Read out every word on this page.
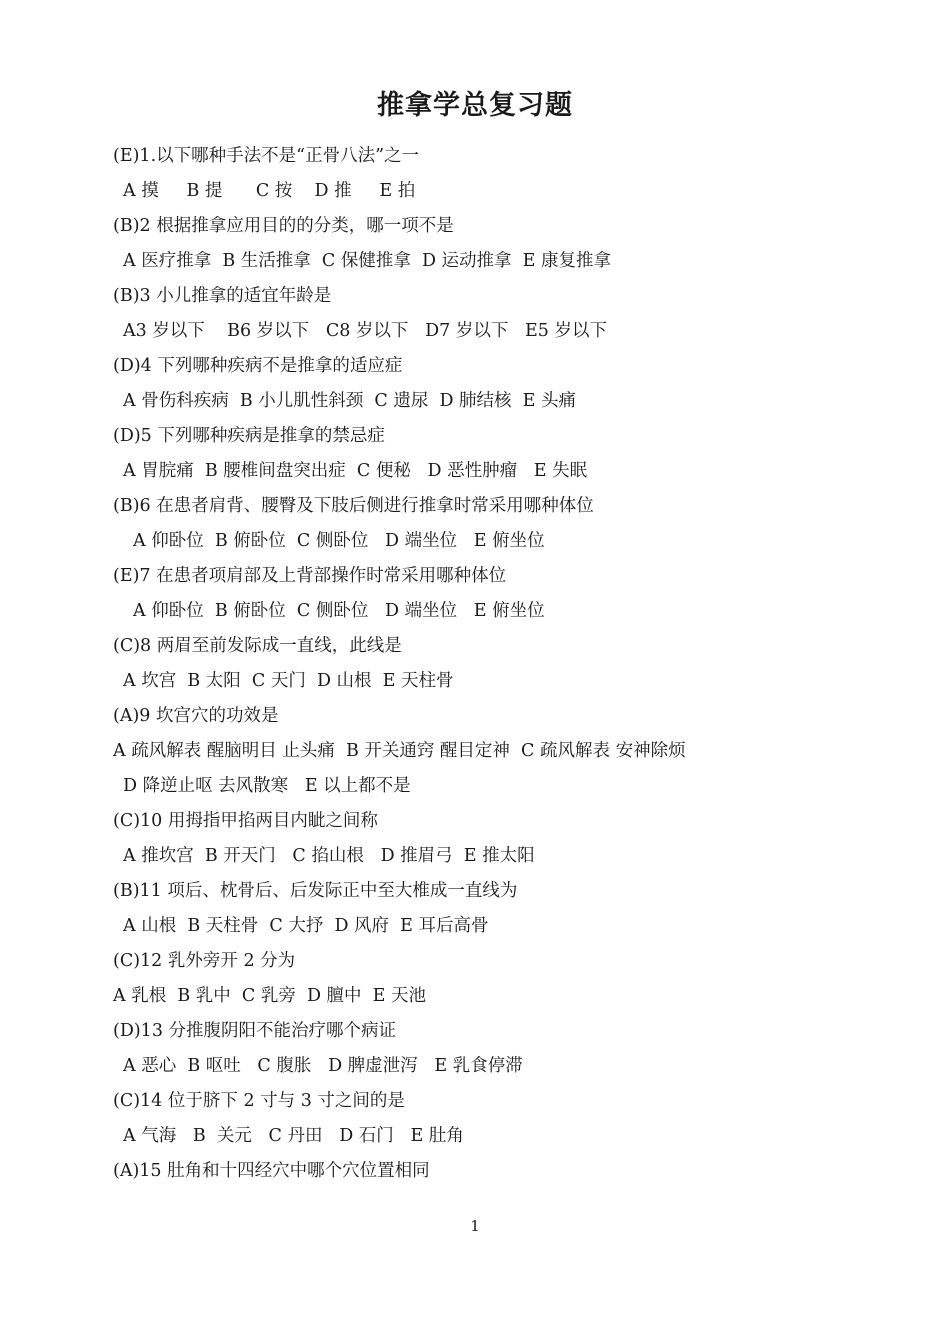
推拿学总复习题
(E)1.以下哪种手法不是“正骨八法”之一
A 摸     B 提      C 按    D 推     E 拍
(B)2 根据推拿应用目的的分类，哪一项不是
A 医疗推拿  B 生活推拿  C 保健推拿  D 运动推拿  E 康复推拿
(B)3 小儿推拿的适宜年龄是
A3 岁以下    B6 岁以下   C8 岁以下   D7 岁以下   E5 岁以下
(D)4 下列哪种疾病不是推拿的适应症
A 骨伤科疾病  B 小儿肌性斜颈  C 遗尿  D 肺结核  E 头痛
(D)5 下列哪种疾病是推拿的禁忌症
A 胃脘痛  B 腰椎间盘突出症  C 便秘   D 恶性肿瘤   E 失眠
(B)6 在患者肩背、腰臀及下肢后侧进行推拿时常采用哪种体位
A 仰卧位  B 俯卧位  C 侧卧位   D 端坐位   E 俯坐位
(E)7 在患者项肩部及上背部操作时常采用哪种体位
A 仰卧位  B 俯卧位  C 侧卧位   D 端坐位   E 俯坐位
(C)8 两眉至前发际成一直线，此线是
A 坎宫  B 太阳  C 天门  D 山根  E 天柱骨
(A)9 坎宫穴的功效是
A 疏风解表 醒脑明目 止头痛  B 开关通窍 醒目定神  C 疏风解表 安神除烦
D 降逆止呕 去风散寒   E 以上都不是
(C)10 用拇指甲掐两目内眦之间称
A 推坎宫  B 开天门   C 掐山根   D 推眉弓  E 推太阳
(B)11 项后、枕骨后、后发际正中至大椎成一直线为
A 山根  B 天柱骨  C 大抒  D 风府  E 耳后高骨
(C)12 乳外旁开 2 分为
A 乳根  B 乳中  C 乳旁  D 膻中  E 天池
(D)13 分推腹阴阳不能治疗哪个病证
A 恶心  B 呕吐   C 腹胀   D 脾虚泄泻   E 乳食停滞
(C)14 位于脐下 2 寸与 3 寸之间的是
A 气海   B  关元   C 丹田   D 石门   E 肚角
(A)15 肚角和十四经穴中哪个穴位置相同
1
